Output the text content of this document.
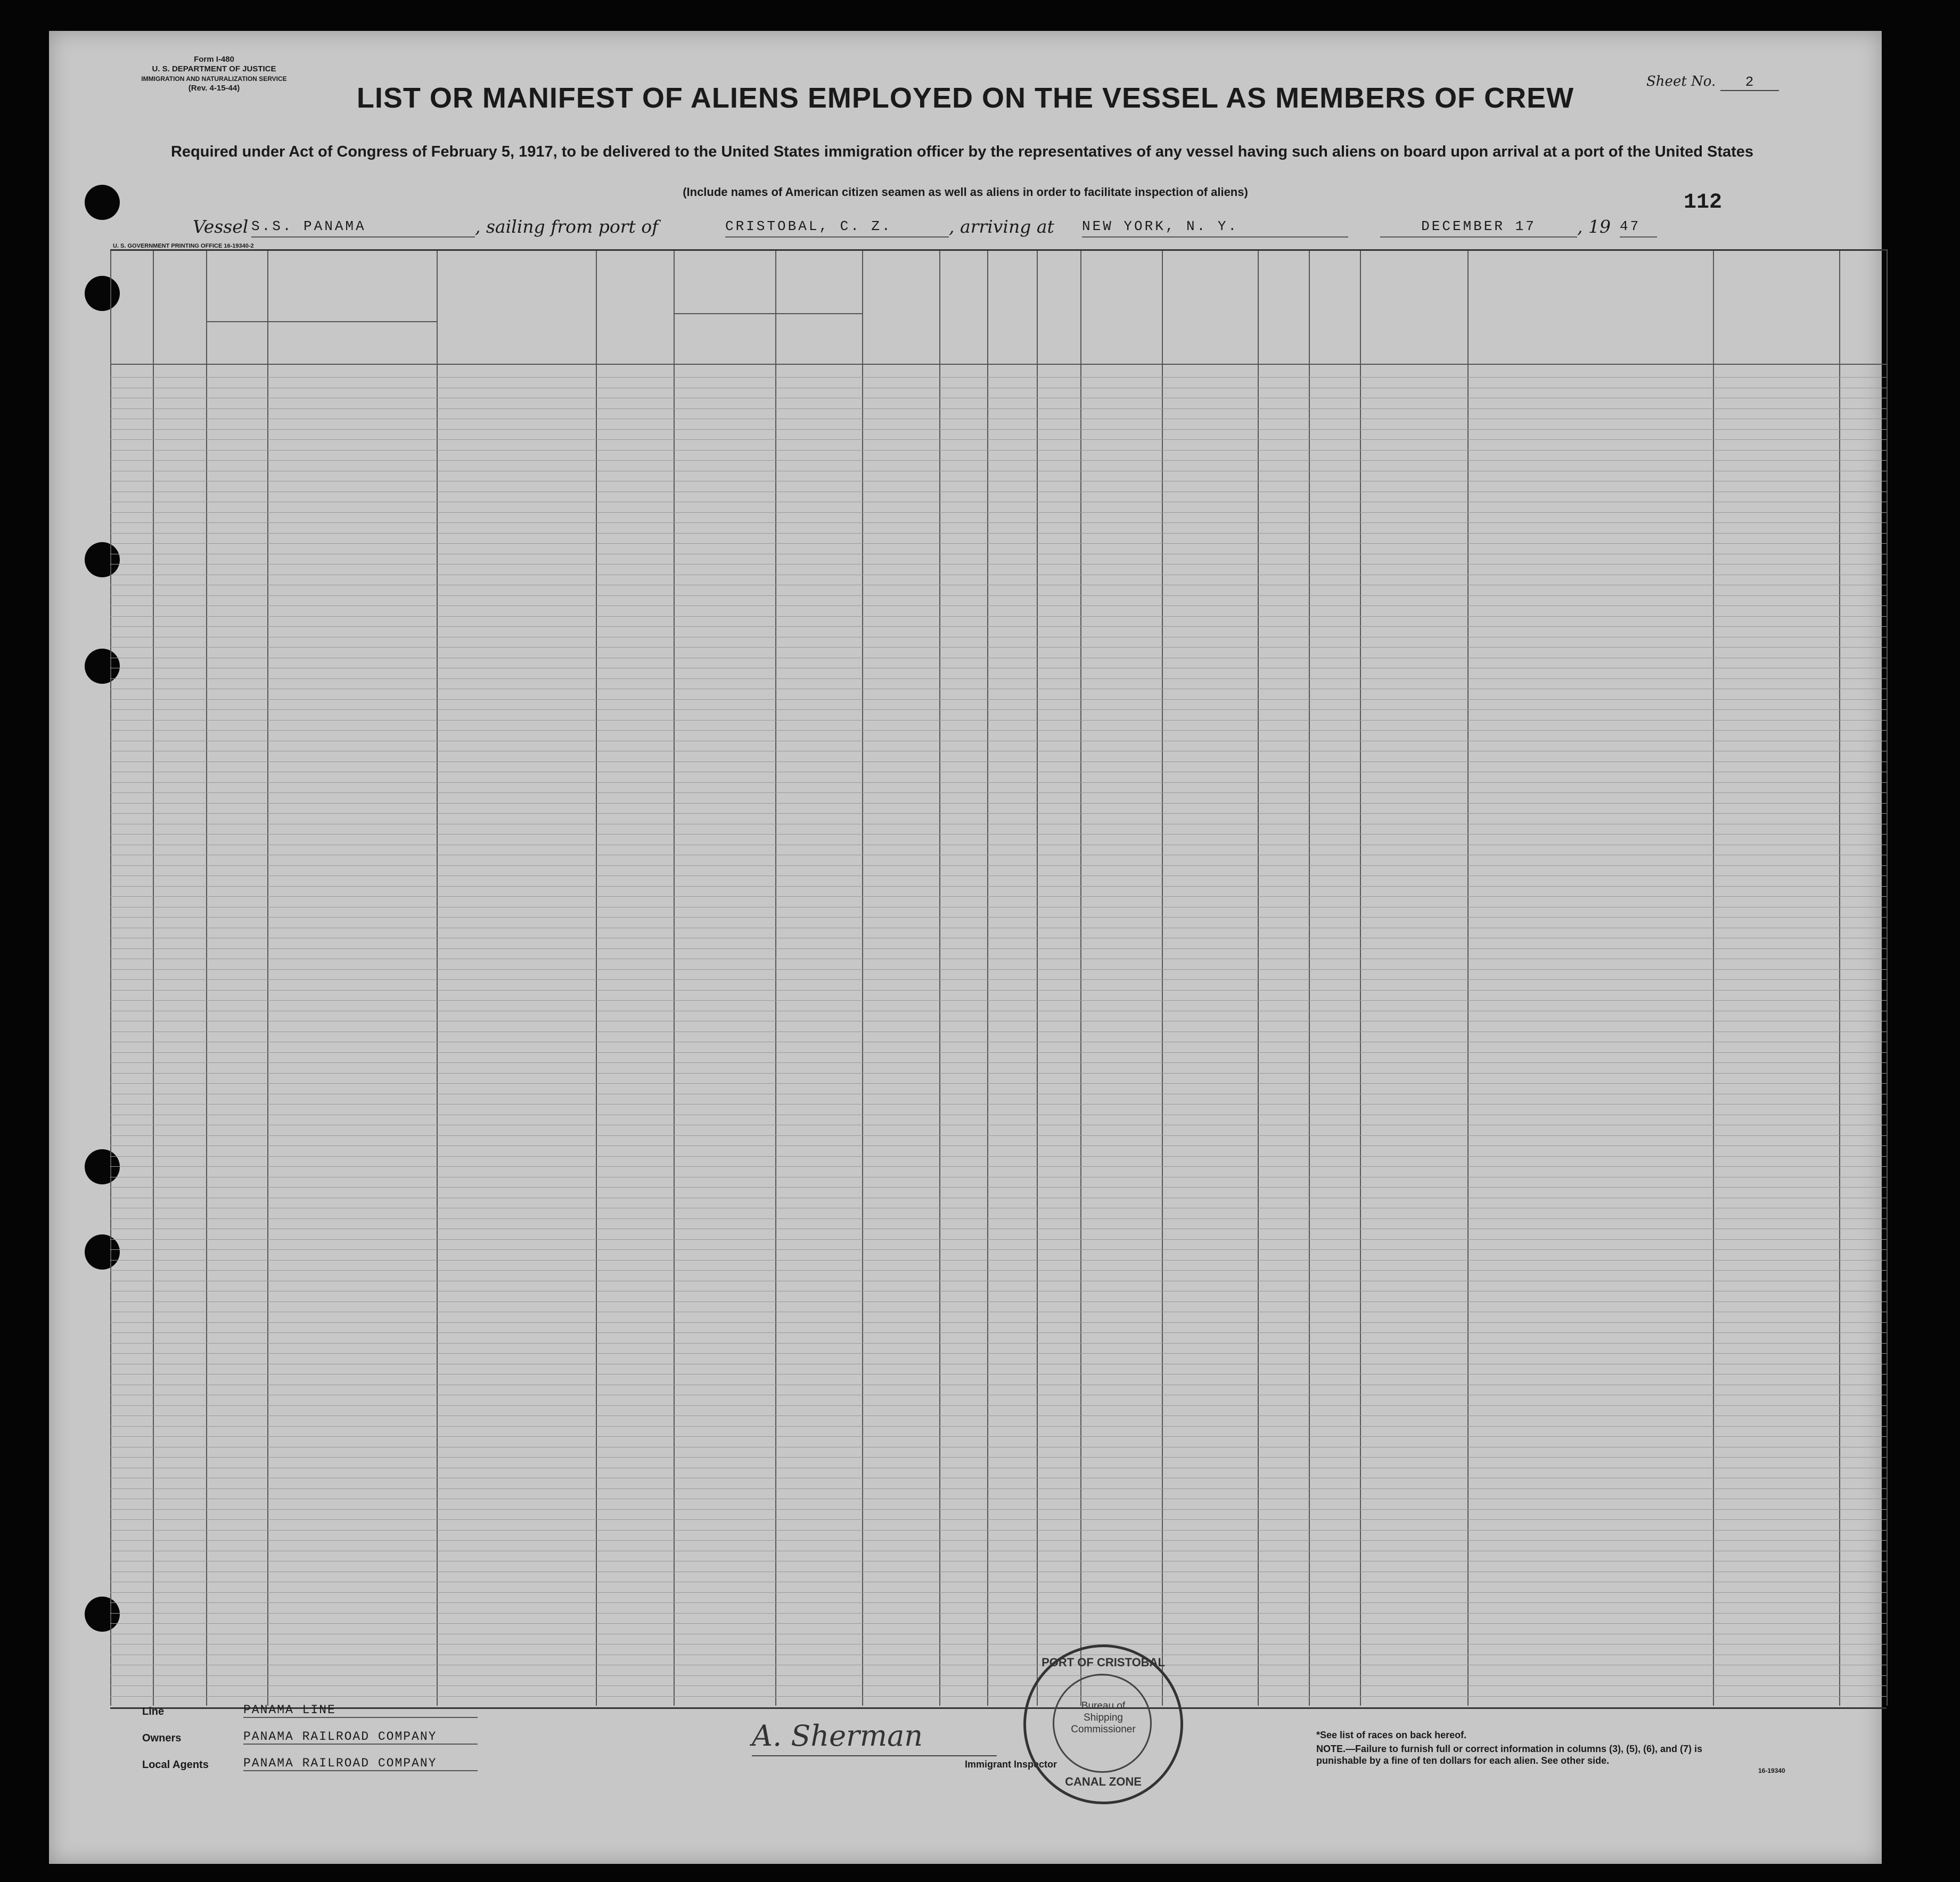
Form I-480
U. S. DEPARTMENT OF JUSTICE
IMMIGRATION AND NATURALIZATION SERVICE
(Rev. 4-15-44)	Sheet No. 2
LIST OR MANIFEST OF ALIENS EMPLOYED ON THE VESSEL AS MEMBERS OF CREW
Required under Act of Congress of February 5, 1917, to be delivered to the United States immigration officer by the representatives of any vessel having such aliens on board upon arrival at a port of the United States
(Include names of American citizen seamen as well as aliens in order to facilitate inspection of aliens)	112
Vessel S.S. PANAMA	, sailing from port of	CRISTOBAL, C. Z.	, arriving at NEW YORK, N. Y.	DECEMBER 17	, 19 47
U. S. GOVERNMENT PRINTING OFFICE 16-19340-2
Line	PANAMA LINE
Owners	PANAMA RAILROAD COMPANY
Local Agents	PANAMA RAILROAD COMPANY
A. Sherman
Immigrant Inspector
PORT OF CRISTOBAL
Bureau of Shipping Commissioner
CANAL ZONE
*See list of races on back hereof.
NOTE.—Failure to furnish full or correct information in columns (3), (5), (6), and (7) is punishable by a fine of ten dollars for each alien. See other side.
16-19340
